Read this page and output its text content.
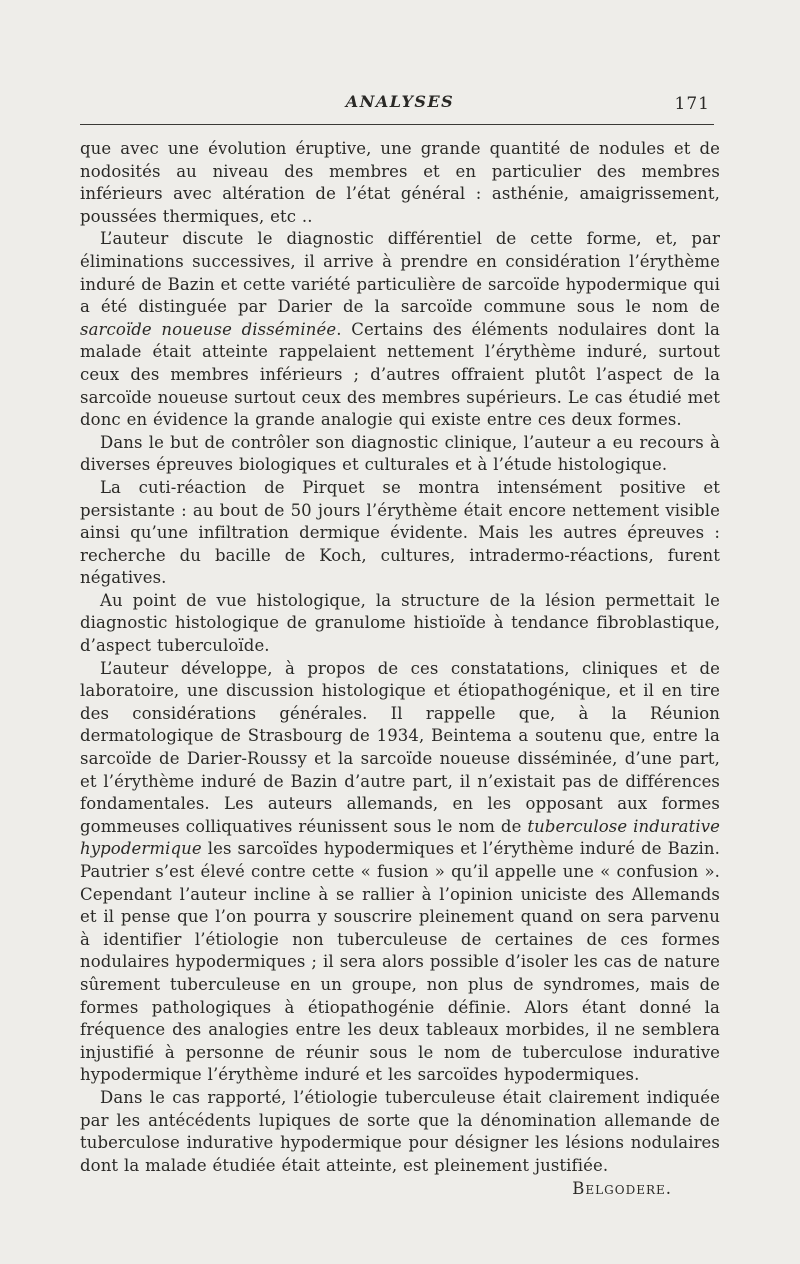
ANALYSES	171

que avec une évolution éruptive, une grande quantité de nodules et de nodosités au niveau des membres et en particulier des membres inférieurs avec altération de l’état général : asthénie, amaigrissement, poussées thermiques, etc ..

L’auteur discute le diagnostic différentiel de cette forme, et, par éliminations successives, il arrive à prendre en considération l’érythème induré de Bazin et cette variété particulière de sarcoïde hypodermique qui a été distinguée par Darier de la sarcoïde commune sous le nom de sarcoïde noueuse disséminée. Certains des éléments nodulaires dont la malade était atteinte rappelaient nettement l’érythème induré, surtout ceux des membres inférieurs ; d’autres offraient plutôt l’aspect de la sarcoïde noueuse surtout ceux des membres supérieurs. Le cas étudié met donc en évidence la grande analogie qui existe entre ces deux formes.

Dans le but de contrôler son diagnostic clinique, l’auteur a eu recours à diverses épreuves biologiques et culturales et à l’étude histologique.

La cuti-réaction de Pirquet se montra intensément positive et persistante : au bout de 50 jours l’érythème était encore nettement visible ainsi qu’une infiltration dermique évidente. Mais les autres épreuves : recherche du bacille de Koch, cultures, intradermo-réactions, furent négatives.

Au point de vue histologique, la structure de la lésion permettait le diagnostic histologique de granulome histioïde à tendance fibroblastique, d’aspect tuberculoïde.

L’auteur développe, à propos de ces constatations, cliniques et de laboratoire, une discussion histologique et étiopathogénique, et il en tire des considérations générales. Il rappelle que, à la Réunion dermatologique de Strasbourg de 1934, Beintema a soutenu que, entre la sarcoïde de Darier-Roussy et la sarcoïde noueuse disséminée, d’une part, et l’érythème induré de Bazin d’autre part, il n’existait pas de différences fondamentales. Les auteurs allemands, en les opposant aux formes gommeuses colliquatives réunissent sous le nom de tuberculose indurative hypodermique les sarcoïdes hypodermiques et l’érythème induré de Bazin. Pautrier s’est élevé contre cette « fusion » qu’il appelle une « confusion ». Cependant l’auteur incline à se rallier à l’opinion uniciste des Allemands et il pense que l’on pourra y souscrire pleinement quand on sera parvenu à identifier l’étiologie non tuberculeuse de certaines de ces formes nodulaires hypodermiques ; il sera alors possible d’isoler les cas de nature sûrement tuberculeuse en un groupe, non plus de syndromes, mais de formes pathologiques à étiopathogénie définie. Alors étant donné la fréquence des analogies entre les deux tableaux morbides, il ne semblera injustifié à personne de réunir sous le nom de tuberculose indurative hypodermique l’érythème induré et les sarcoïdes hypodermiques.

Dans le cas rapporté, l’étiologie tuberculeuse était clairement indiquée par les antécédents lupiques de sorte que la dénomination allemande de tuberculose indurative hypodermique pour désigner les lésions nodulaires dont la malade étudiée était atteinte, est pleinement justifiée.

Belgodere.
